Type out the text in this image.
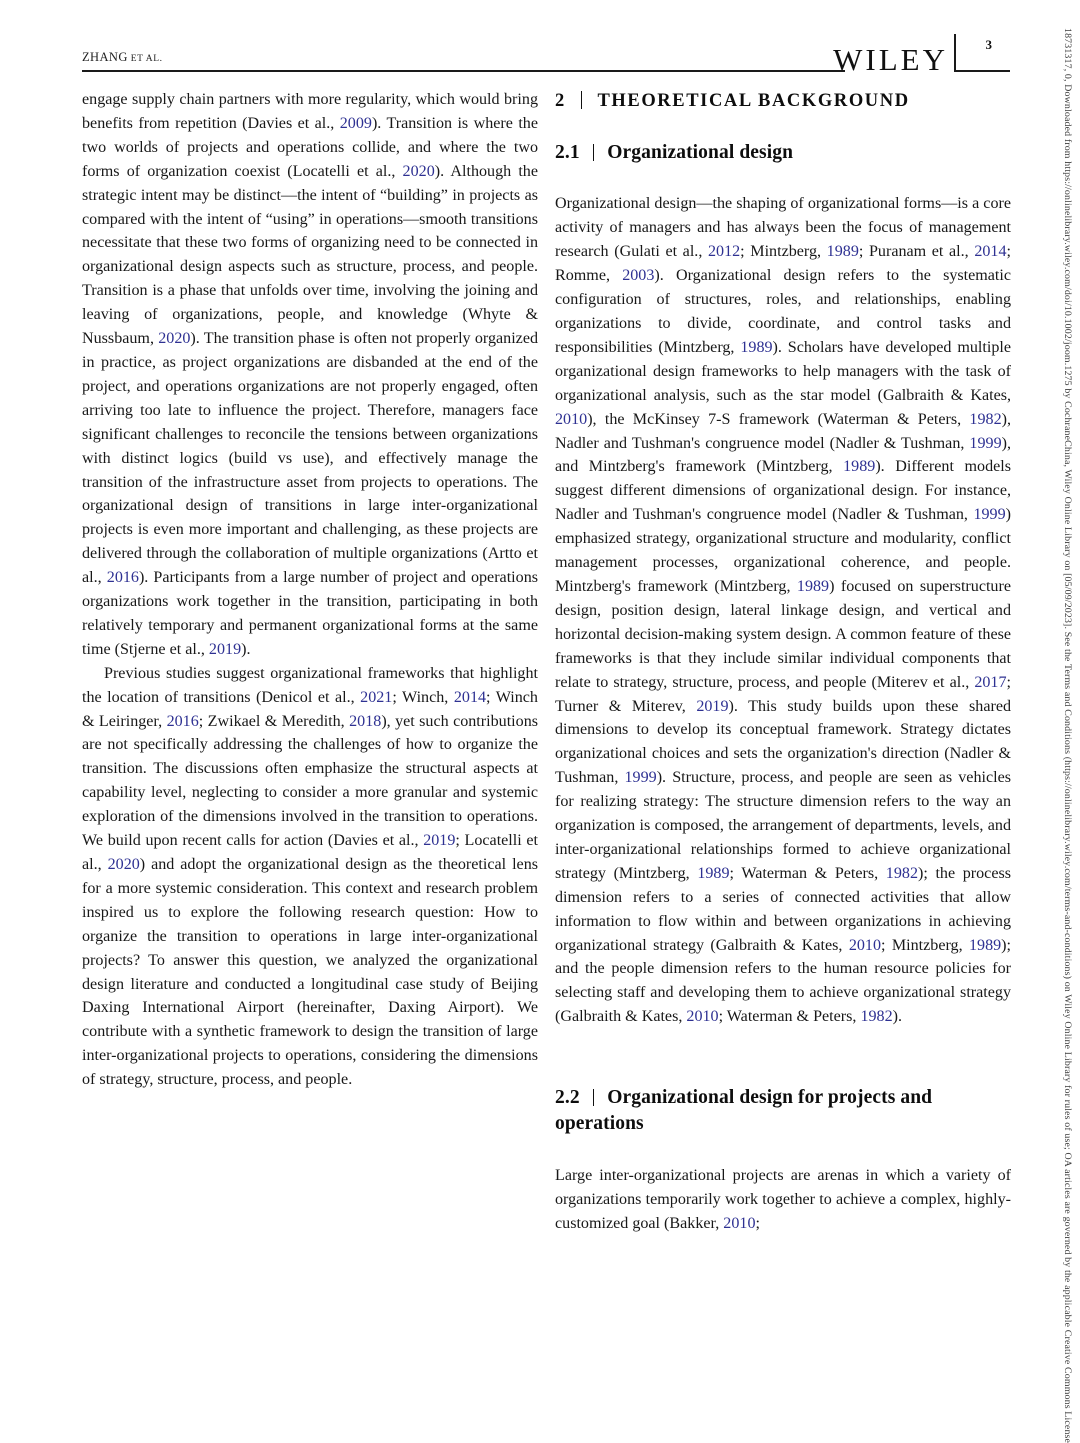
ZHANG ET AL.	WILEY	3

engage supply chain partners with more regularity, which would bring benefits from repetition (Davies et al., 2009). Transition is where the two worlds of projects and operations collide, and where the two forms of organization coexist (Locatelli et al., 2020). Although the strategic intent may be distinct—the intent of “building” in projects as compared with the intent of “using” in operations—smooth transitions necessitate that these two forms of organizing need to be connected in organizational design aspects such as structure, process, and people. Transition is a phase that unfolds over time, involving the joining and leaving of organizations, people, and knowledge (Whyte & Nussbaum, 2020). The transition phase is often not properly organized in practice, as project organizations are disbanded at the end of the project, and operations organizations are not properly engaged, often arriving too late to influence the project. Therefore, managers face significant challenges to reconcile the tensions between organizations with distinct logics (build vs use), and effectively manage the transition of the infrastructure asset from projects to operations. The organizational design of transitions in large inter-organizational projects is even more important and challenging, as these projects are delivered through the collaboration of multiple organizations (Artto et al., 2016). Participants from a large number of project and operations organizations work together in the transition, participating in both relatively temporary and permanent organizational forms at the same time (Stjerne et al., 2019).

Previous studies suggest organizational frameworks that highlight the location of transitions (Denicol et al., 2021; Winch, 2014; Winch & Leiringer, 2016; Zwikael & Meredith, 2018), yet such contributions are not specifically addressing the challenges of how to organize the transition. The discussions often emphasize the structural aspects at capability level, neglecting to consider a more granular and systemic exploration of the dimensions involved in the transition to operations. We build upon recent calls for action (Davies et al., 2019; Locatelli et al., 2020) and adopt the organizational design as the theoretical lens for a more systemic consideration. This context and research problem inspired us to explore the following research question: How to organize the transition to operations in large inter-organizational projects? To answer this question, we analyzed the organizational design literature and conducted a longitudinal case study of Beijing Daxing International Airport (hereinafter, Daxing Airport). We contribute with a synthetic framework to design the transition of large inter-organizational projects to operations, considering the dimensions of strategy, structure, process, and people.

2 THEORETICAL BACKGROUND
2.1 Organizational design

Organizational design—the shaping of organizational forms—is a core activity of managers and has always been the focus of management research (Gulati et al., 2012; Mintzberg, 1989; Puranam et al., 2014; Romme, 2003). Organizational design refers to the systematic configuration of structures, roles, and relationships, enabling organizations to divide, coordinate, and control tasks and responsibilities (Mintzberg, 1989). Scholars have developed multiple organizational design frameworks to help managers with the task of organizational analysis, such as the star model (Galbraith & Kates, 2010), the McKinsey 7-S framework (Waterman & Peters, 1982), Nadler and Tushman's congruence model (Nadler & Tushman, 1999), and Mintzberg's framework (Mintzberg, 1989). Different models suggest different dimensions of organizational design. For instance, Nadler and Tushman's congruence model (Nadler & Tushman, 1999) emphasized strategy, organizational structure and modularity, conflict management processes, organizational coherence, and people. Mintzberg's framework (Mintzberg, 1989) focused on superstructure design, position design, lateral linkage design, and vertical and horizontal decision-making system design. A common feature of these frameworks is that they include similar individual components that relate to strategy, structure, process, and people (Miterev et al., 2017; Turner & Miterev, 2019). This study builds upon these shared dimensions to develop its conceptual framework. Strategy dictates organizational choices and sets the organization's direction (Nadler & Tushman, 1999). Structure, process, and people are seen as vehicles for realizing strategy: The structure dimension refers to the way an organization is composed, the arrangement of departments, levels, and inter-organizational relationships formed to achieve organizational strategy (Mintzberg, 1989; Waterman & Peters, 1982); the process dimension refers to a series of connected activities that allow information to flow within and between organizations in achieving organizational strategy (Galbraith & Kates, 2010; Mintzberg, 1989); and the people dimension refers to the human resource policies for selecting staff and developing them to achieve organizational strategy (Galbraith & Kates, 2010; Waterman & Peters, 1982).

2.2 Organizational design for projects and operations

Large inter-organizational projects are arenas in which a variety of organizations temporarily work together to achieve a complex, highly-customized goal (Bakker, 2010;	18731317, 0, Downloaded from https://onlinelibrary.wiley.com/doi/10.1002/joom.1275 by CochraneChina, Wiley Online Library on [05/09/2023]. See the Terms and Conditions (https://onlinelibrary.wiley.com/terms-and-conditions) on Wiley Online Library for rules of use; OA articles are governed by the applicable Creative Commons License
